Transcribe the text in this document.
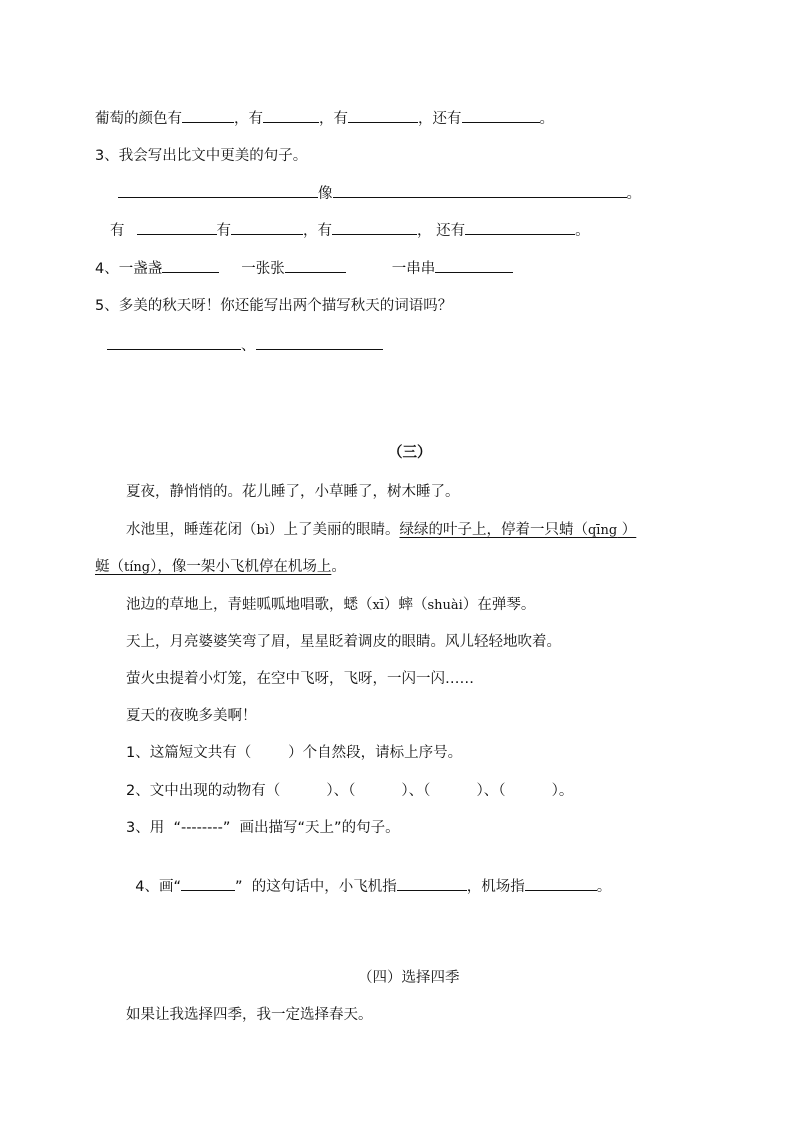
葡萄的颜色有	，有	，有	，还有	。
3、我会写出比文中更美的句子。
像	。
有	有	，有	， 还有	。
4、一盏盏	一张张	一串串
5、多美的秋天呀！你还能写出两个描写秋天的词语吗？
、
（三）
夏夜，静悄悄的。花儿睡了，小草睡了，树木睡了。
水池里，睡莲花闭（bì）上了美丽的眼睛。绿绿的叶子上，停着一只蜻（qīng ）
蜓（tíng），像一架小飞机停在机场上。
池边的草地上，青蛙呱呱地唱歌，蟋（xī）蟀（shuài）在弹琴。
天上，月亮婆婆笑弯了眉，星星眨着调皮的眼睛。风儿轻轻地吹着。
萤火虫提着小灯笼，在空中飞呀，飞呀，一闪一闪……
夏天的夜晚多美啊！
1、这篇短文共有（        ）个自然段，请标上序号。
2、文中出现的动物有（          ）、（          ）、（          ）、（          ）。
3、用  “--------”  画出描写“天上”的句子。

4、画“	”  的这句话中，小飞机指	，机场指	。

（四）选择四季
如果让我选择四季，我一定选择春天。
